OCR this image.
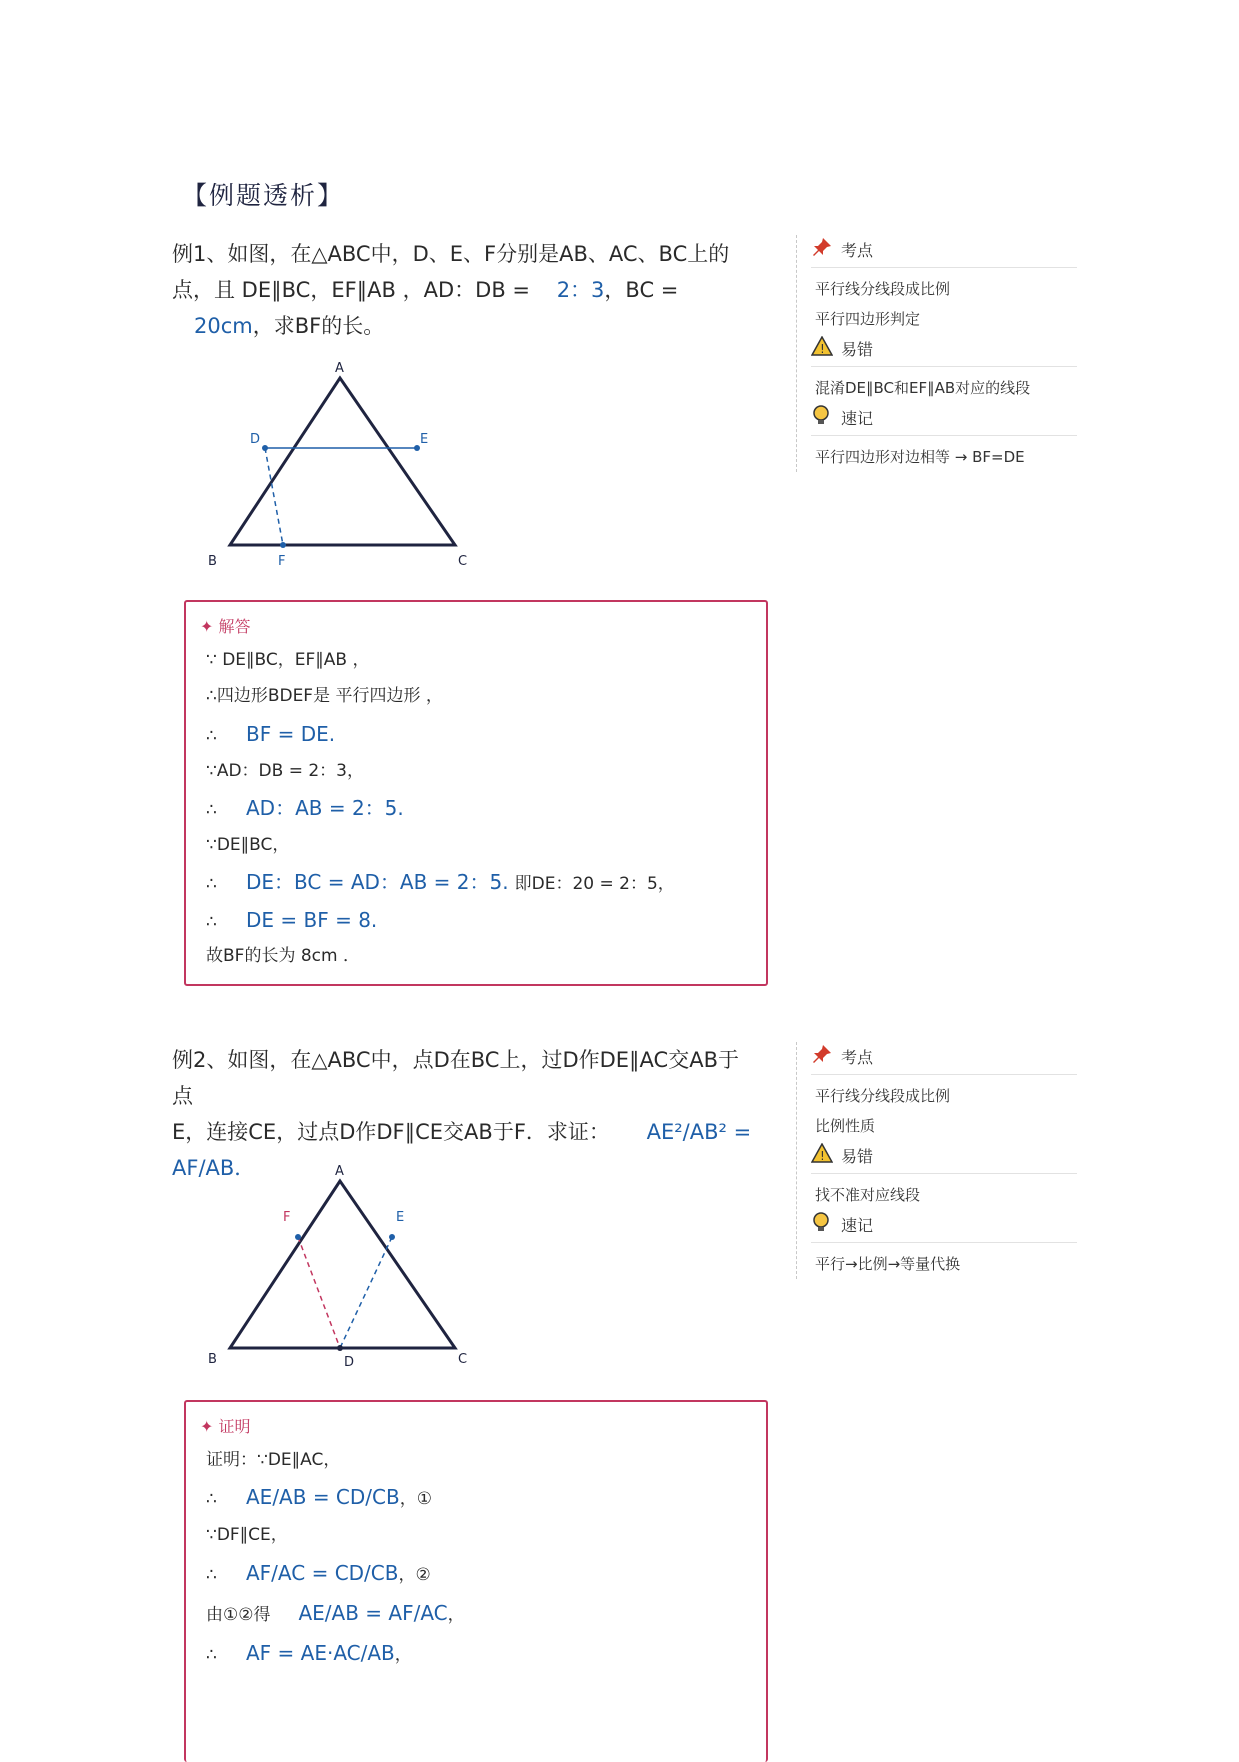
【例题透析】
例1、如图，在△ABC中，D、E、F分别是AB、AC、BC上的
点，且 DE∥BC，EF∥AB ，AD：DB = 2：3，BC =
20cm，求BF的长。
A
D	E
B	F	C
考点
平行线分线段成比例
平行四边形判定
! 易错
混淆DE∥BC和EF∥AB对应的线段
速记
平行四边形对边相等 → BF=DE
✦ 解答
∵ DE∥BC，EF∥AB ，
∴四边形BDEF是 平行四边形 ，
∴ BF = DE.
∵AD：DB = 2：3，
∴ AD：AB = 2：5.
∵DE∥BC，
∴ DE：BC = AD：AB = 2：5. 即DE：20 = 2：5，
∴ DE = BF = 8.
故BF的长为 8cm ．
例2、如图，在△ABC中，点D在BC上，过D作DE∥AC交AB于点
E，连接CE，过点D作DF∥CE交AB于F．求证： AE²/AB² =
AF/AB．	A
F	E
B	D	C
考点
平行线分线段成比例
比例性质
! 易错
找不准对应线段
速记
平行→比例→等量代换
✦ 证明
证明：∵DE∥AC，
∴ AE/AB = CD/CB，①
∵DF∥CE，
∴ AF/AC = CD/CB，②
由①②得 AE/AB = AF/AC，
∴ AF = AE·AC/AB，
